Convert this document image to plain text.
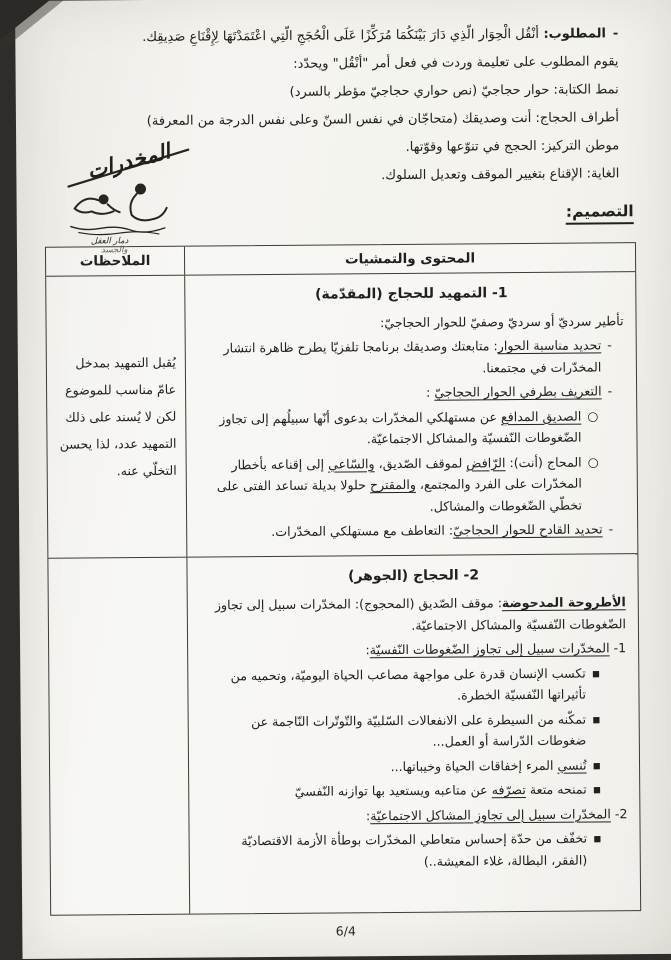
المخدرات
دمار العقل
والجسد
-المطلوب: أنْقُل الْحِوَار الّذِي دَارَ بَيْنَكُمَا مُرَكِّزًا عَلَى الْحُجَجِ الّتِي اعْتَمَدْتَهَا لِإِقْنَاعِ صَدِيقِك.
يقوم المطلوب على تعليمة وردت في فعل أمر "أنْقُل" ويحدّد:
نمط الكتابة: حوار حجاجيّ (نص حواري حجاجيّ مؤطر بالسرد)
أطراف الحجاج: أنت وصديقك (متحاجّان في نفس السنّ وعلى نفس الدرجة من المعرفة)
موطن التركيز: الحجج في تنوّعها وقوّتها.
الغاية: الإقناع بتغيير الموقف وتعديل السلوك.
التصميم:
المحتوى والتمشيات
الملاحظات
1- التمهيد للحجاج (المقدّمة)
تأطير سرديّ أو سرديّ وصفيّ للحوار الحجاجيّ:
-
تحديد مناسبة الحوار: متابعتك وصديقك برنامجا تلفزيّا يطرح ظاهرة انتشار المخدّرات في مجتمعنا.
-
التعريف بطرفي الحوار الحجاجيّ :
○
الصديق المدافع عن مستهلكي المخدّرات بدعوى أنّها سبيلُهم إلى تجاوز الضّغوطات النّفسيّة والمشاكل الاجتماعيّة.
○
المحاج (أنت): الرّافض لموقف الصّديق، والسّاعي إلى إقناعه بأخطار المخدّرات على الفرد والمجتمع، والمقترح حلولا بديلة تساعد الفتى على تخطّي الضّغوطات والمشاكل.
-
تحديد القادح للحوار الحجاجيّ: التعاطف مع مستهلكي المخدّرات.
يُقبل التمهيد بمدخل عامّ مناسب للموضوع لكن لا يُسند على ذلك التمهيد عدد، لذا يحسن التخلّي عنه.
2- الحجاج (الجوهر)
الأطروحة المدحوضة: موقف الصّديق (المحجوج): المخدّرات سبيل إلى تجاوز الضّغوطات النّفسيّة والمشاكل الاجتماعيّة.
1- المخدّرات سبيل إلى تجاوز الضّغوطات النّفسيّة:
▪
تكسب الإنسان قدرة على مواجهة مصاعب الحياة اليوميّة، وتحميه من تأثيراتها النّفسيّة الخطرة.
▪
تمكّنه من السيطرة على الانفعالات السّلبيّة والتّوتّرات النّاجمة عن ضغوطات الدّراسة أو العمل...
▪
تُنسي المرء إخفاقات الحياة وخيباتها...
▪
تمنحه متعة تصرّفه عن متاعبه ويستعيد بها توازنه النّفسيّ
2- المخدّرات سبيل إلى تجاوز المشاكل الاجتماعيّة:
▪
تخفّف من حدّة إحساس متعاطي المخدّرات بوطأة الأزمة الاقتصاديّة (الفقر، البطالة، غلاء المعيشة..)
6/4
